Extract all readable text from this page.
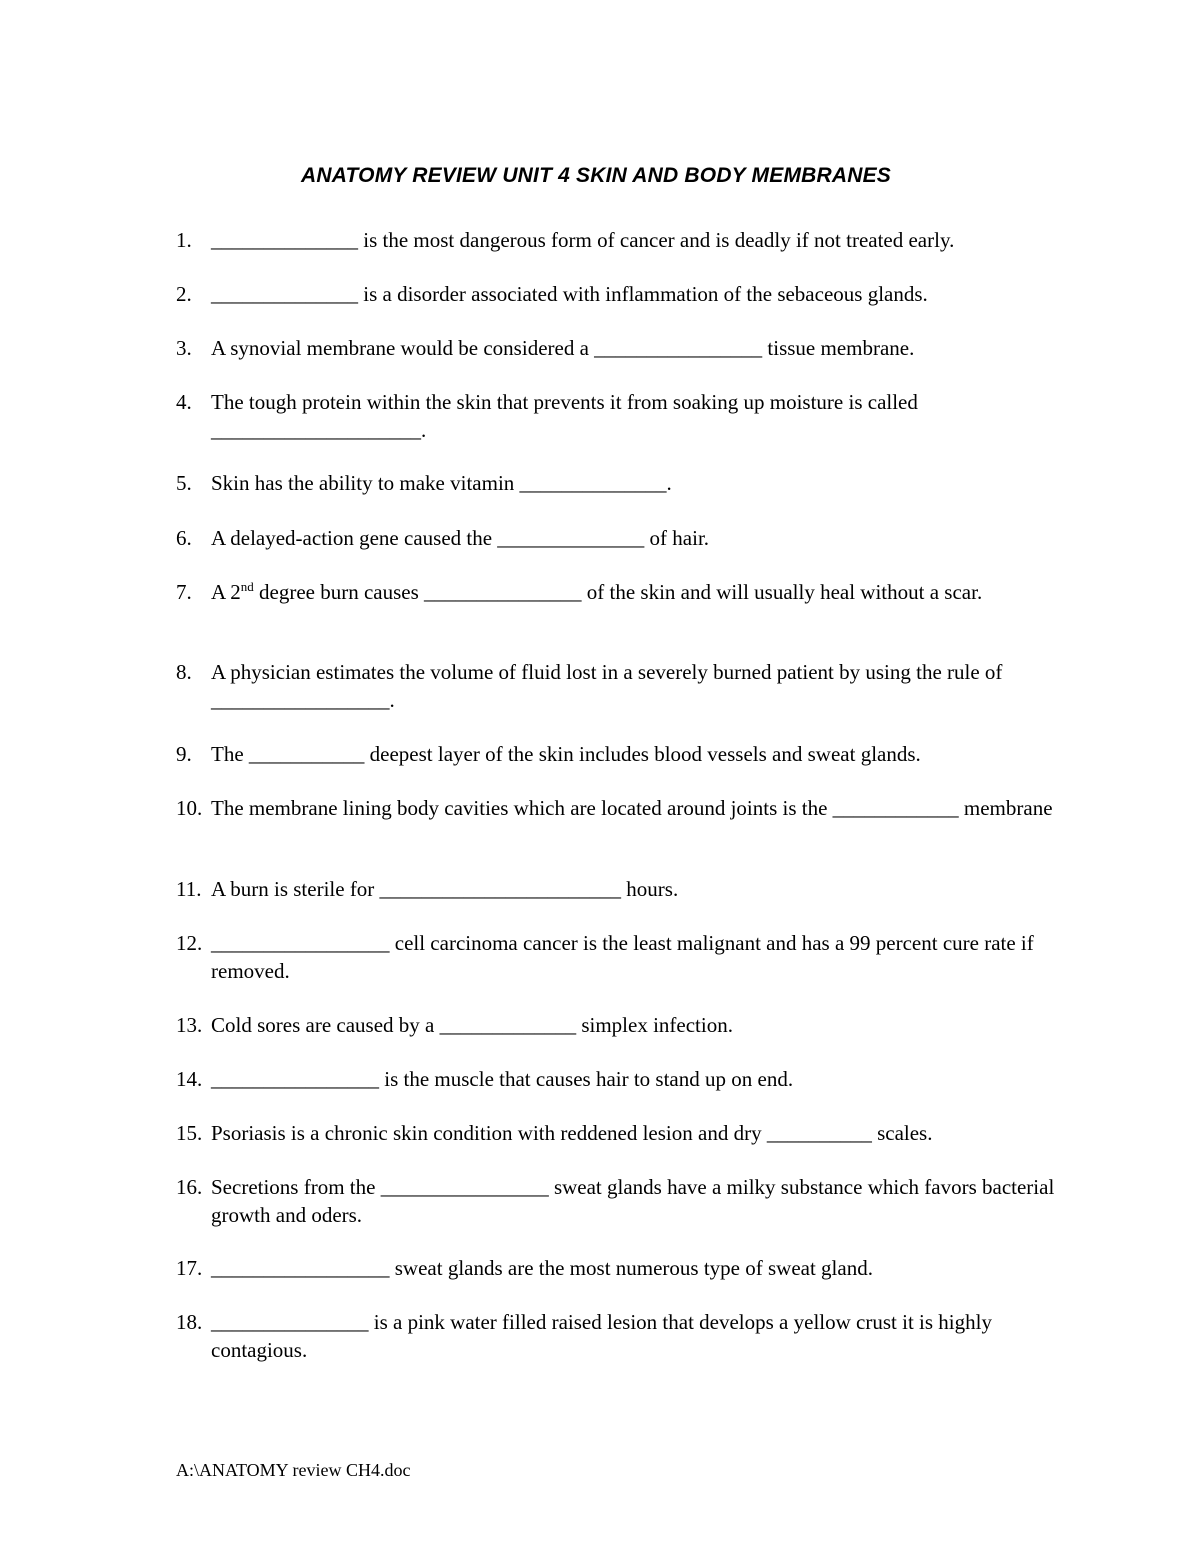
ANATOMY REVIEW UNIT 4 SKIN AND BODY MEMBRANES
1. ______________ is the most dangerous form of cancer and is deadly if not treated early.
2. ______________ is a disorder associated with inflammation of the sebaceous glands.
3. A synovial membrane would be considered a ________________ tissue membrane.
4. The tough protein within the skin that prevents it from soaking up moisture is called ____________________.
5. Skin has the ability to make vitamin ______________.
6. A delayed-action gene caused the ______________ of hair.
7. A 2nd degree burn causes _______________ of the skin and will usually heal without a scar.
8. A physician estimates the volume of fluid lost in a severely burned patient by using the rule of _________________.
9. The ___________ deepest layer of the skin includes blood vessels and sweat glands.
10. The membrane lining body cavities which are located around joints is the ____________ membrane
11. A burn is sterile for _______________________ hours.
12. _________________ cell carcinoma cancer is the least malignant and has a 99 percent cure rate if removed.
13. Cold sores are caused by a _____________ simplex infection.
14. ________________ is the muscle that causes hair to stand up on end.
15. Psoriasis is a chronic skin condition with reddened lesion and dry __________ scales.
16. Secretions from the ________________ sweat glands have a milky substance which favors bacterial growth and oders.
17. _________________ sweat glands are the most numerous type of sweat gland.
18. _______________ is a pink water filled raised lesion that develops a yellow crust it is highly contagious.
A:\ANATOMY review CH4.doc
